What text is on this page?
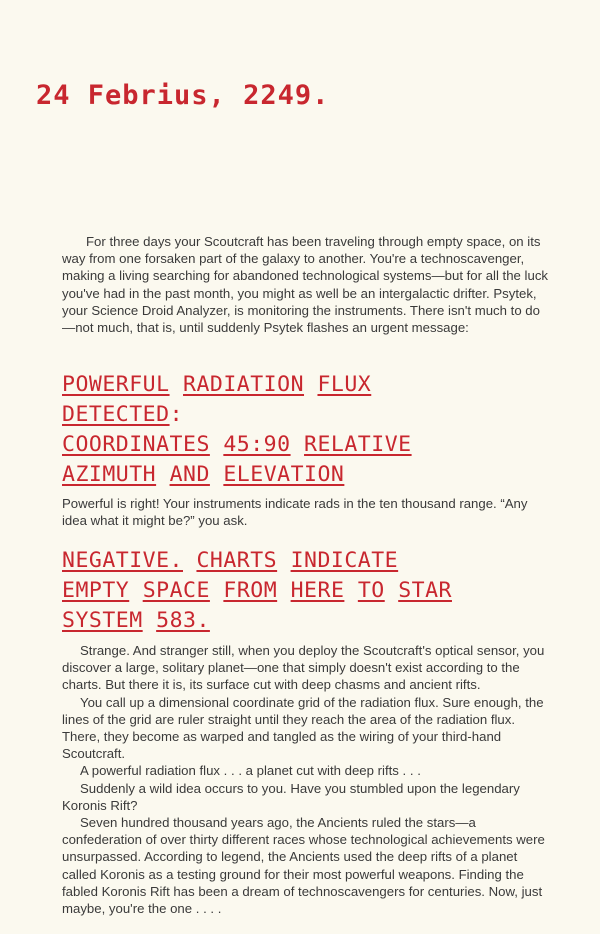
24 Febrius, 2249.

For three days your Scoutcraft has been traveling through empty space, on its way from one forsaken part of the galaxy to another. You're a technoscavenger, making a living searching for abandoned technological systems—but for all the luck you've had in the past month, you might as well be an intergalactic drifter. Psytek, your Science Droid Analyzer, is monitoring the instruments. There isn't much to do—not much, that is, until suddenly Psytek flashes an urgent message:

POWERFUL RADIATION FLUX
DETECTED:
COORDINATES 45:90 RELATIVE
AZIMUTH AND ELEVATION

Powerful is right! Your instruments indicate rads in the ten thousand range. “Any idea what it might be?” you ask.

NEGATIVE. CHARTS INDICATE
EMPTY SPACE FROM HERE TO STAR
SYSTEM 583.

Strange. And stranger still, when you deploy the Scoutcraft's optical sensor, you discover a large, solitary planet—one that simply doesn't exist according to the charts. But there it is, its surface cut with deep chasms and ancient rifts.

You call up a dimensional coordinate grid of the radiation flux. Sure enough, the lines of the grid are ruler straight until they reach the area of the radiation flux. There, they become as warped and tangled as the wiring of your third-hand Scoutcraft.

A powerful radiation flux . . . a planet cut with deep rifts . . .

Suddenly a wild idea occurs to you. Have you stumbled upon the legendary Koronis Rift?

Seven hundred thousand years ago, the Ancients ruled the stars—a confederation of over thirty different races whose technological achievements were unsurpassed. According to legend, the Ancients used the deep rifts of a planet called Koronis as a testing ground for their most powerful weapons. Finding the fabled Koronis Rift has been a dream of technoscavengers for centuries. Now, just maybe, you're the one . . . .
